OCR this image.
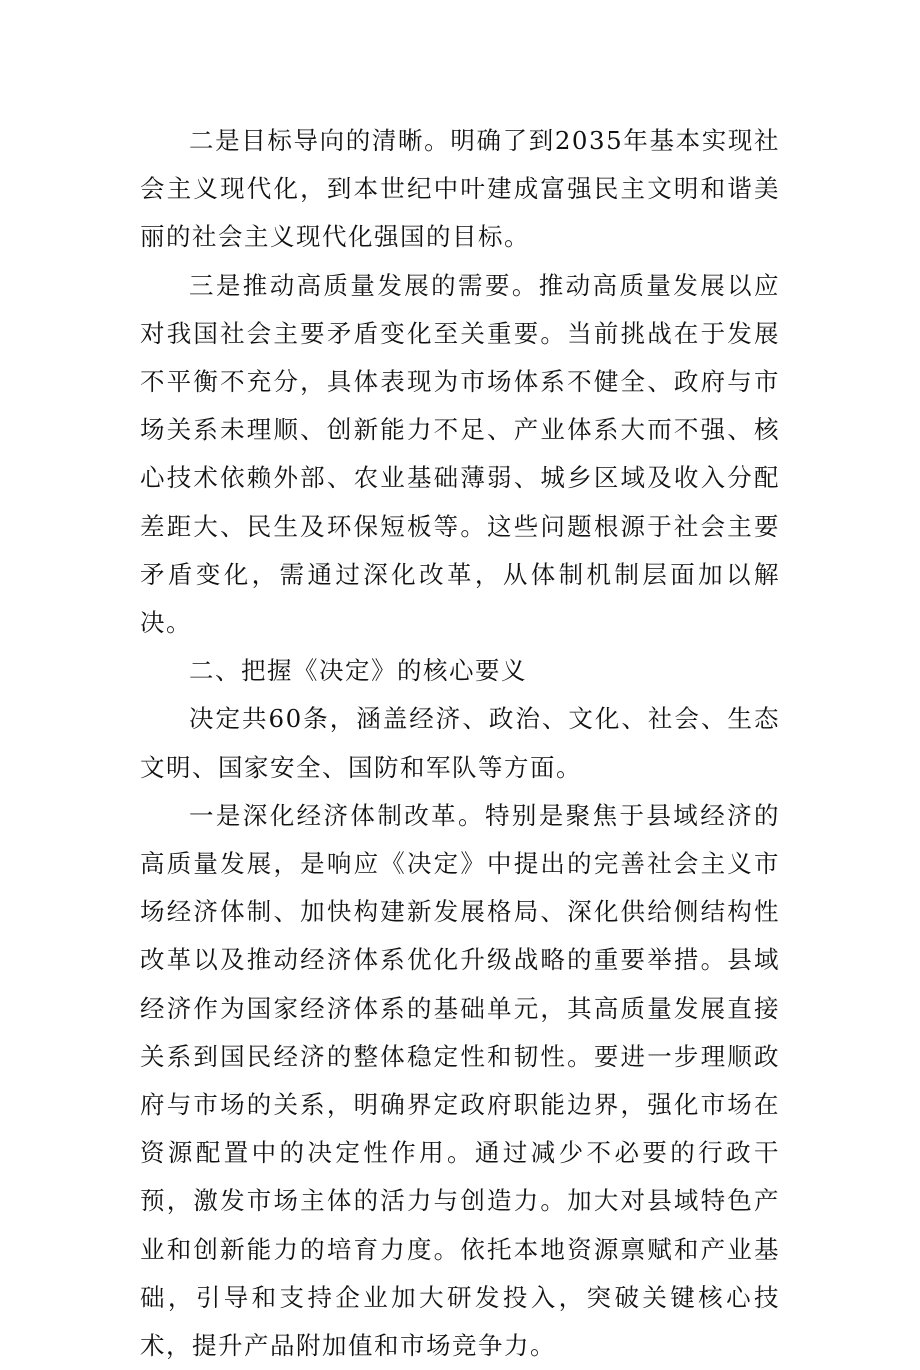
二是目标导向的清晰。明确了到2035年基本实现社会主义现代化，到本世纪中叶建成富强民主文明和谐美丽的社会主义现代化强国的目标。

三是推动高质量发展的需要。推动高质量发展以应对我国社会主要矛盾变化至关重要。当前挑战在于发展不平衡不充分，具体表现为市场体系不健全、政府与市场关系未理顺、创新能力不足、产业体系大而不强、核心技术依赖外部、农业基础薄弱、城乡区域及收入分配差距大、民生及环保短板等。这些问题根源于社会主要矛盾变化，需通过深化改革，从体制机制层面加以解决。

二、把握《决定》的核心要义

决定共60条，涵盖经济、政治、文化、社会、生态文明、国家安全、国防和军队等方面。

一是深化经济体制改革。特别是聚焦于县域经济的高质量发展，是响应《决定》中提出的完善社会主义市场经济体制、加快构建新发展格局、深化供给侧结构性改革以及推动经济体系优化升级战略的重要举措。县域经济作为国家经济体系的基础单元，其高质量发展直接关系到国民经济的整体稳定性和韧性。要进一步理顺政府与市场的关系，明确界定政府职能边界，强化市场在资源配置中的决定性作用。通过减少不必要的行政干预，激发市场主体的活力与创造力。加大对县域特色产业和创新能力的培育力度。依托本地资源禀赋和产业基础，引导和支持企业加大研发投入，突破关键核心技术，提升产品附加值和市场竞争力。
